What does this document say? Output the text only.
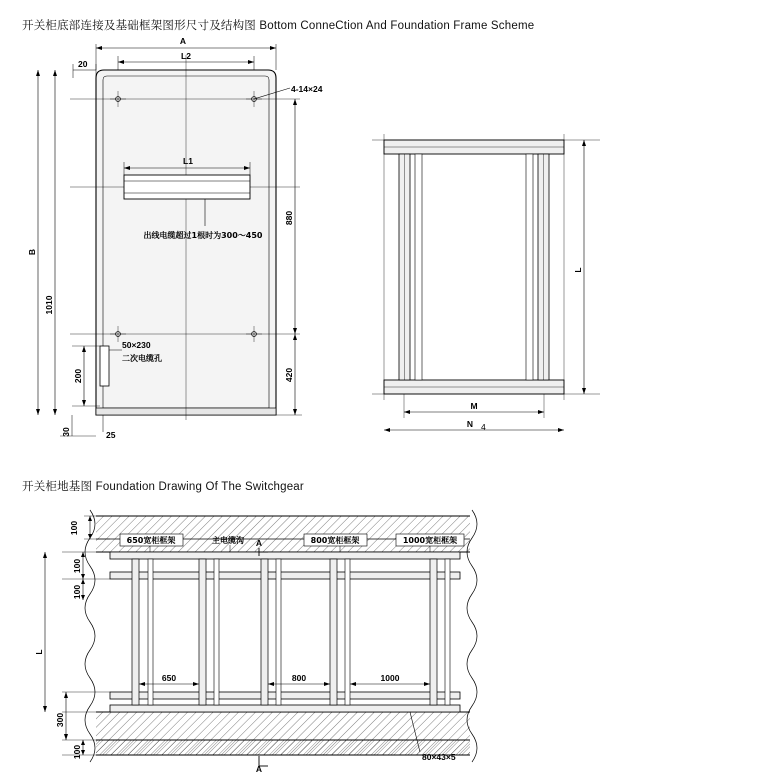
开关柜底部连接及基础框架图形尺寸及结构图 Bottom ConneCtion And Foundation Frame Scheme
开关柜地基图 Foundation Drawing Of The Switchgear
A
L2
20
4-14×24
L1
出线电缆超过1根时为300～450
50×230
二次电缆孔
B
1010
200
30	25
880
420
L
M
N 4
650宽柜框架	主电缆沟	800宽柜框架	1000宽柜框架
A
A
650	800	1000
80×43×5
100
100
L
300
100
100
